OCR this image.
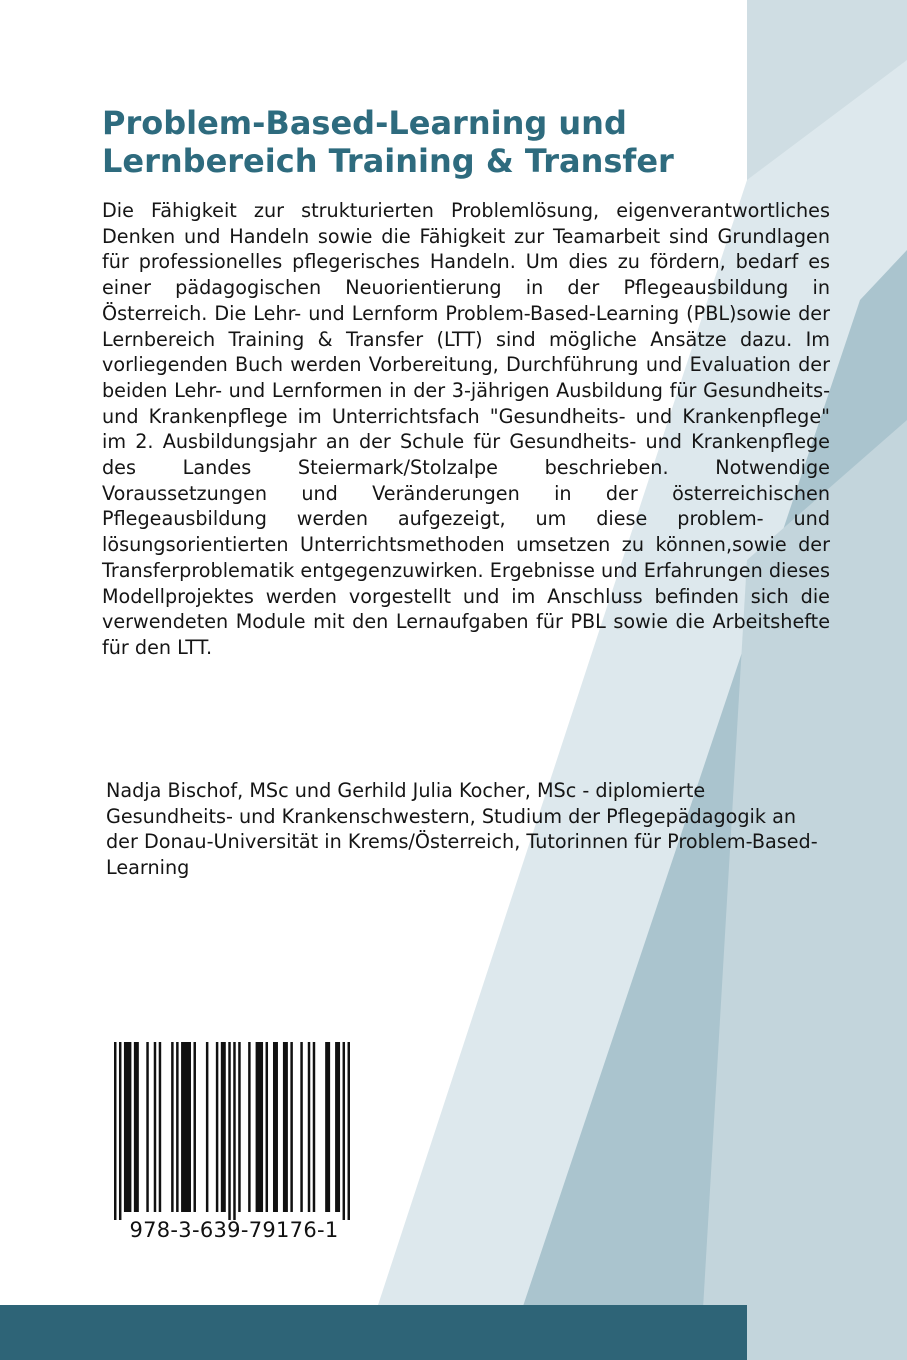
Problem-Based-Learning und
Lernbereich Training & Transfer

Die Fähigkeit zur strukturierten Problemlösung, eigenverantwortliches Denken und Handeln sowie die Fähigkeit zur Teamarbeit sind Grundlagen für professionelles pflegerisches Handeln. Um dies zu fördern, bedarf es einer pädagogischen Neuorientierung in der Pflegeausbildung in Österreich. Die Lehr- und Lernform Problem-Based-Learning (PBL)sowie der Lernbereich Training & Transfer (LTT) sind mögliche Ansätze dazu. Im vorliegenden Buch werden Vorbereitung, Durchführung und Evaluation der beiden Lehr- und Lernformen in der 3-jährigen Ausbildung für Gesundheits- und Krankenpflege im Unterrichtsfach "Gesundheits- und Krankenpflege" im 2. Ausbildungsjahr an der Schule für Gesundheits- und Krankenpflege des Landes Steiermark/Stolzalpe beschrieben. Notwendige Voraussetzungen und Veränderungen in der österreichischen Pflegeausbildung werden aufgezeigt, um diese problem- und lösungsorientierten Unterrichtsmethoden umsetzen zu können,sowie der Transferproblematik entgegenzuwirken. Ergebnisse und Erfahrungen dieses Modellprojektes werden vorgestellt und im Anschluss befinden sich die verwendeten Module mit den Lernaufgaben für PBL sowie die Arbeitshefte für den LTT.

Nadja Bischof, MSc und Gerhild Julia Kocher, MSc - diplomierte Gesundheits- und Krankenschwestern, Studium der Pflegepädagogik an der Donau-Universität in Krems/Österreich, Tutorinnen für Problem-Based-Learning

978-3-639-79176-1
